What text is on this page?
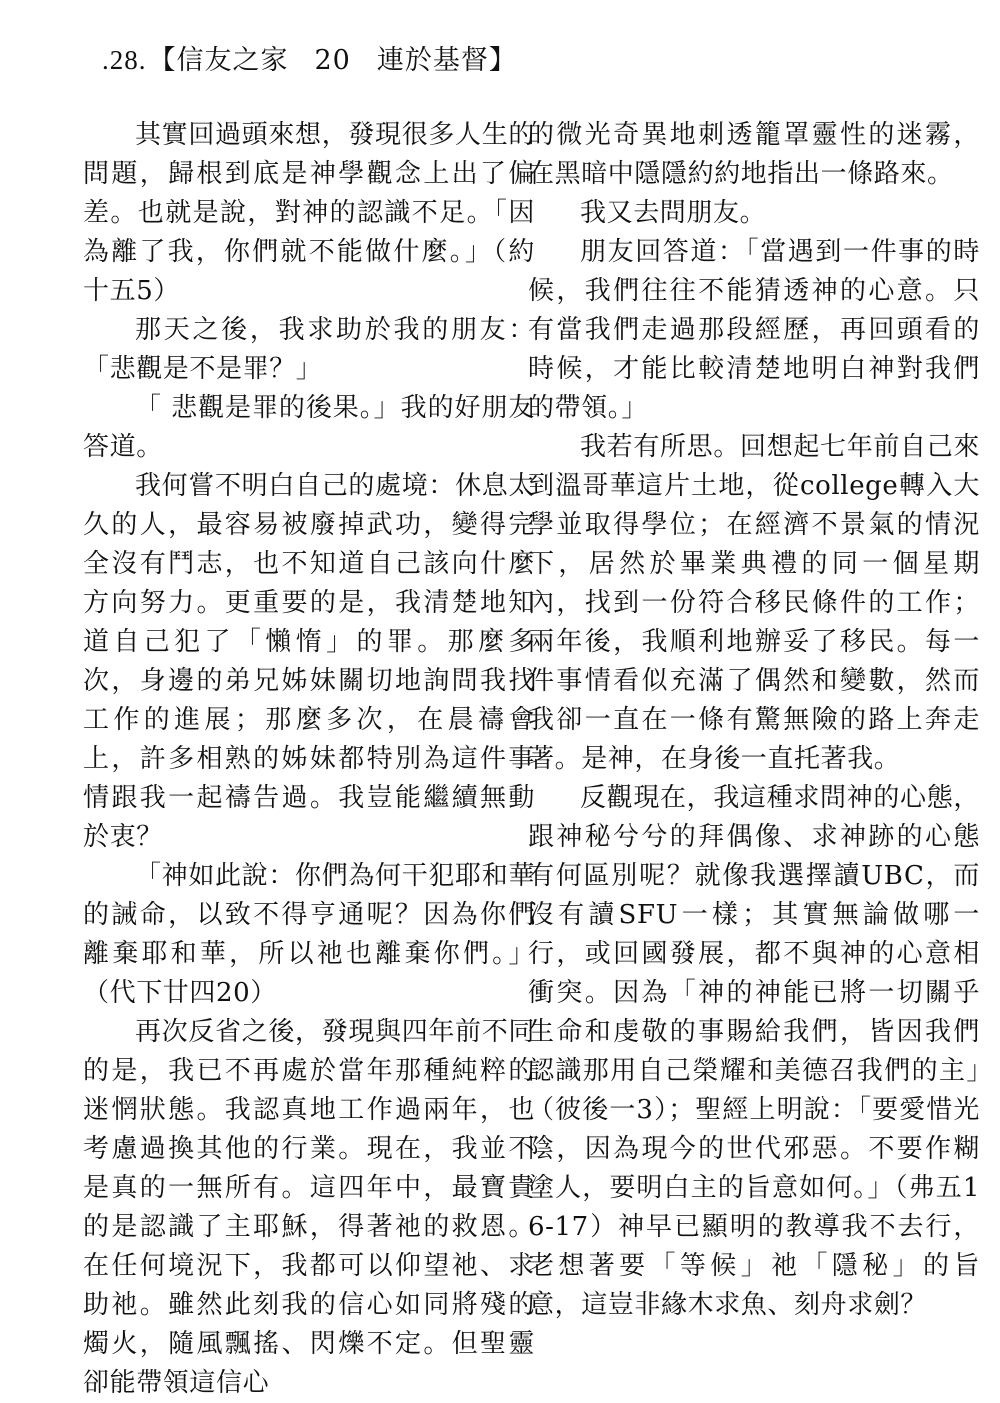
.28.【信友之家 20 連於基督】

其實回過頭來想，發現很多人生的問題，歸根到底是神學觀念上出了偏差。也就是說，對神的認識不足。「因為離了我，你們就不能做什麼。」（約十五5）

那天之後，我求助於我的朋友：「悲觀是不是罪？」

「 悲觀是罪的後果。」我的好朋友答道。

我何嘗不明白自己的處境：休息太久的人，最容易被廢掉武功，變得完全沒有鬥志，也不知道自己該向什麼方向努力。更重要的是，我清楚地知道自己犯了「懶惰」的罪。那麼多次，身邊的弟兄姊妹關切地詢問我找工作的進展；那麼多次，在晨禱會上，許多相熟的姊妹都特別為這件事情跟我一起禱告過。我豈能繼續無動於衷？

「神如此說：你們為何干犯耶和華的誡命，以致不得亨通呢？因為你們離棄耶和華，所以祂也離棄你們。」（代下廿四20）

再次反省之後，發現與四年前不同的是，我已不再處於當年那種純粹的迷惘狀態。我認真地工作過兩年，也考慮過換其他的行業。現在，我並不是真的一無所有。這四年中，最寶貴的是認識了主耶穌，得著祂的救恩。在任何境況下，我都可以仰望祂、求助祂。雖然此刻我的信心如同將殘的燭火，隨風飄搖、閃爍不定。但聖靈卻能帶領這信心

的微光奇異地刺透籠罩靈性的迷霧，在黑暗中隱隱約約地指出一條路來。

我又去問朋友。

朋友回答道：「當遇到一件事的時候，我們往往不能猜透神的心意。只有當我們走過那段經歷，再回頭看的時候，才能比較清楚地明白神對我們的帶領。」

我若有所思。回想起七年前自己來到溫哥華這片土地，從college轉入大學並取得學位；在經濟不景氣的情況下，居然於畢業典禮的同一個星期內，找到一份符合移民條件的工作；兩年後，我順利地辦妥了移民。每一件事情看似充滿了偶然和變數，然而我卻一直在一條有驚無險的路上奔走著。是神，在身後一直托著我。

反觀現在，我這種求問神的心態，跟神秘兮兮的拜偶像、求神跡的心態有何區別呢？就像我選擇讀UBC，而沒有讀SFU一樣；其實無論做哪一行，或回國發展，都不與神的心意相衝突。因為「神的神能已將一切關乎生命和虔敬的事賜給我們，皆因我們認識那用自己榮耀和美德召我們的主」（彼後一3）；聖經上明說：「要愛惜光陰，因為現今的世代邪惡。不要作糊塗人，要明白主的旨意如何。」（弗五16-17）神早已顯明的教導我不去行，老想著要「等候」祂「隱秘」的旨意，這豈非緣木求魚、刻舟求劍？
